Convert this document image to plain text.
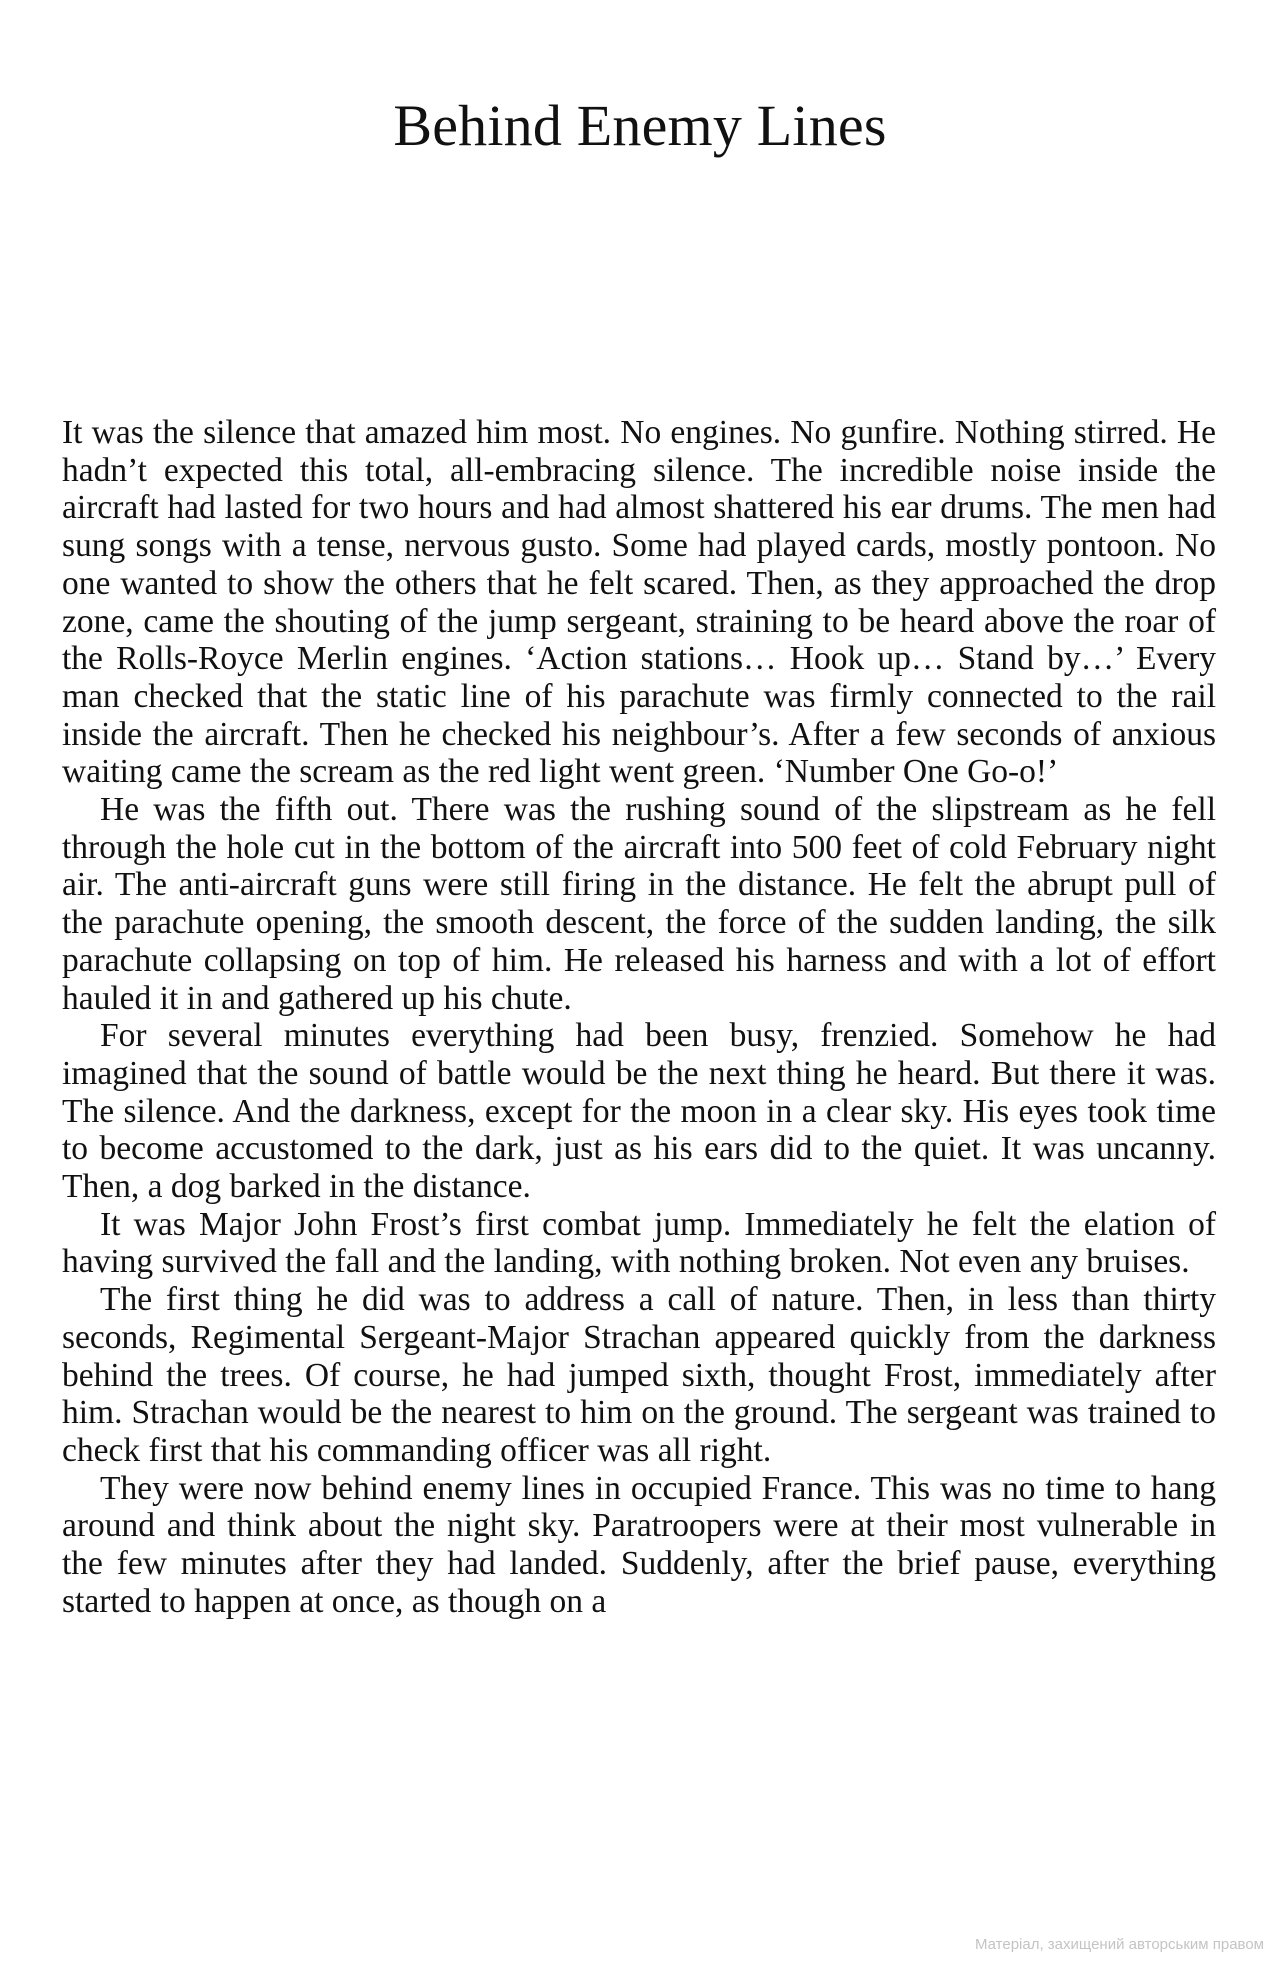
Behind Enemy Lines

It was the silence that amazed him most. No engines. No gunfire. Nothing stirred. He hadn’t expected this total, all-embracing silence. The incredible noise inside the aircraft had lasted for two hours and had almost shattered his ear drums. The men had sung songs with a tense, nervous gusto. Some had played cards, mostly pontoon. No one wanted to show the others that he felt scared. Then, as they approached the drop zone, came the shouting of the jump sergeant, straining to be heard above the roar of the Rolls-Royce Merlin engines. ‘Action stations… Hook up… Stand by…’ Every man checked that the static line of his parachute was firmly connected to the rail inside the aircraft. Then he checked his neighbour’s. After a few seconds of anxious waiting came the scream as the red light went green. ‘Number One Go-o!’

He was the fifth out. There was the rushing sound of the slipstream as he fell through the hole cut in the bottom of the aircraft into 500 feet of cold February night air. The anti-aircraft guns were still firing in the distance. He felt the abrupt pull of the parachute opening, the smooth descent, the force of the sudden landing, the silk parachute collapsing on top of him. He released his harness and with a lot of effort hauled it in and gathered up his chute.

For several minutes everything had been busy, frenzied. Somehow he had imagined that the sound of battle would be the next thing he heard. But there it was. The silence. And the darkness, except for the moon in a clear sky. His eyes took time to become accustomed to the dark, just as his ears did to the quiet. It was uncanny. Then, a dog barked in the distance.

It was Major John Frost’s first combat jump. Immediately he felt the elation of having survived the fall and the landing, with nothing broken. Not even any bruises.

The first thing he did was to address a call of nature. Then, in less than thirty seconds, Regimental Sergeant-Major Strachan appeared quickly from the darkness behind the trees. Of course, he had jumped sixth, thought Frost, immediately after him. Strachan would be the nearest to him on the ground. The sergeant was trained to check first that his commanding officer was all right.

They were now behind enemy lines in occupied France. This was no time to hang around and think about the night sky. Paratroopers were at their most vulnerable in the few minutes after they had landed. Suddenly, after the brief pause, everything started to happen at once, as though on a

Матеріал, захищений авторським правом
